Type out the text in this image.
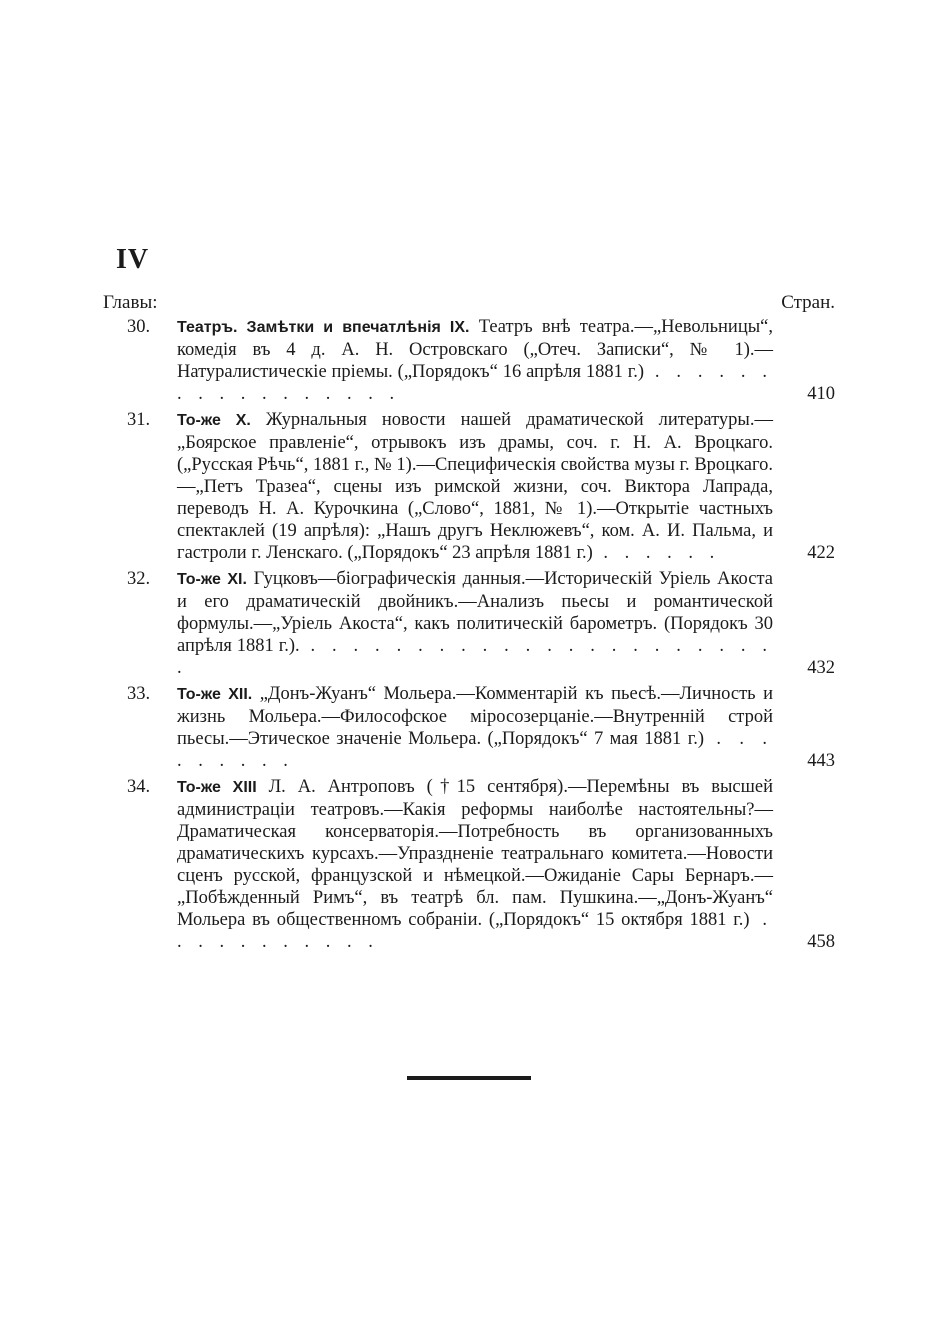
IV
Главы:	Стран.
30.	Театръ. Замѣтки и впечатлѣнія IX. Театръ внѣ театра.—„Невольницы“, комедія въ 4 д. А. Н. Островскаго („Отеч. Записки“, № 1).—Натуралистическіе пріемы. („Порядокъ“ 16 апрѣля 1881 г.) . . . . . . . . . . . . . . . . .	410
31.	То-же X. Журнальныя новости нашей драматической литературы.—„Боярское правленіе“, отрывокъ изъ драмы, соч. г. Н. А. Вроцкаго. („Русская Рѣчь“, 1881 г., № 1).—Специфическія свойства музы г. Вроцкаго.—„Петъ Тразеа“, сцены изъ римской жизни, соч. Виктора Лапрада, переводъ Н. А. Курочкина („Слово“, 1881, № 1).—Открытіе частныхъ спектаклей (19 апрѣля): „Нашъ другъ Неклюжевъ“, ком. А. И. Пальма, и гастроли г. Ленскаго. („Порядокъ“ 23 апрѣля 1881 г.) . . . . . .	422
32.	То-же XI. Гуцковъ—біографическія данныя.—Историческій Уріель Акоста и его драматическій двойникъ.—Анализъ пьесы и романтической формулы.—„Уріель Акоста“, какъ политическій барометръ. (Порядокъ 30 апрѣля 1881 г.). . . . . . . . . . . . . . . . . . . . . . . .	432
33.	То-же XII. „Донъ-Жуанъ“ Мольера.—Комментарій къ пьесѣ.—Личность и жизнь Мольера.—Философское міросозерцаніе.—Внутренній строй пьесы.—Этическое значеніе Мольера. („Порядокъ“ 7 мая 1881 г.) . . . . . . . . .	443
34.	То-же XIII Л. А. Антроповъ (†15 сентября).—Перемѣны въ высшей администраціи театровъ.—Какія реформы наиболѣе настоятельны?—Драматическая консерваторія.—Потребность въ организованныхъ драматическихъ курсахъ.—Упраздненіе театральнаго комитета.—Новости сценъ русской, французской и нѣмецкой.—Ожиданіе Сары Бернаръ.—„Побѣжденный Римъ“, въ театрѣ бл. пам. Пушкина.—„Донъ-Жуанъ“ Мольера въ общественномъ собраніи. („Порядокъ“ 15 октября 1881 г.) . . . . . . . . . . .	458
